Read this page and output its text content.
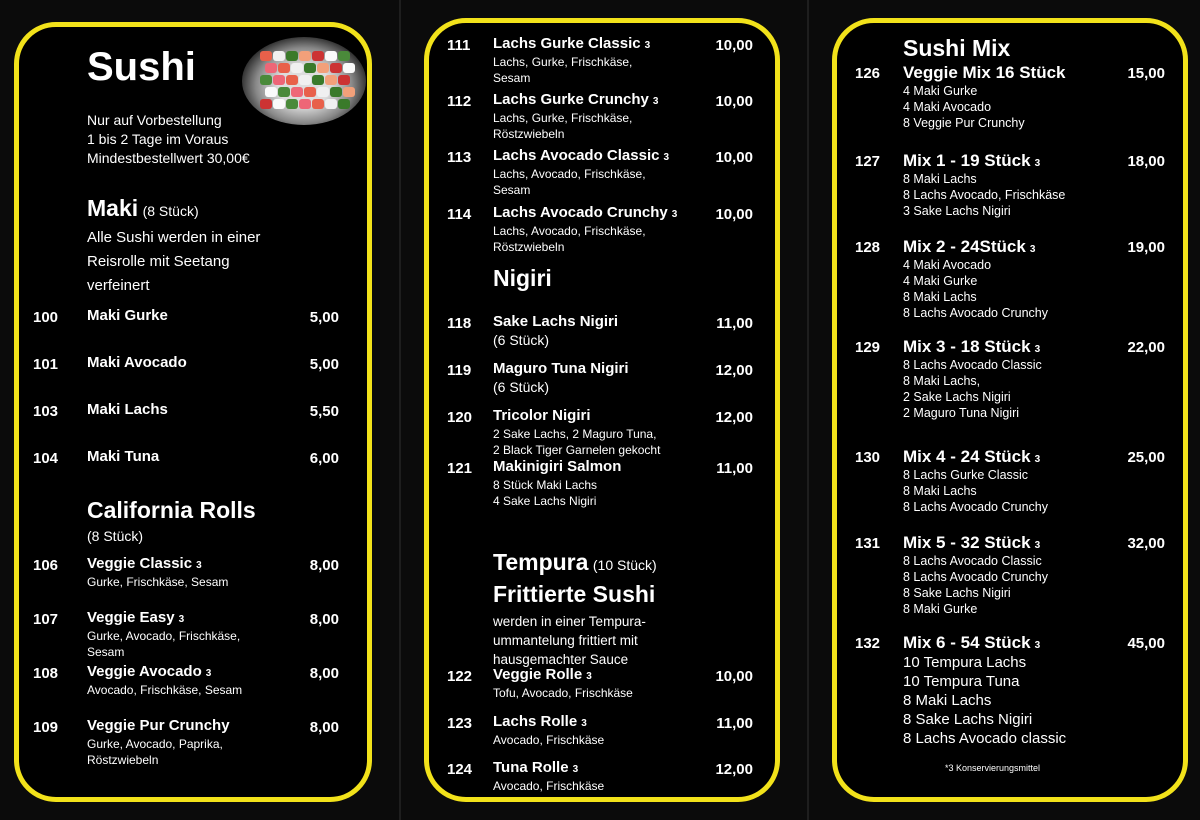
Sushi
Nur auf Vorbestellung
1 bis 2 Tage im Voraus
Mindestbestellwert 30,00€
Maki (8 Stück)
Alle Sushi werden in einer
Reisrolle mit Seetang
verfeinert
California Rolls
(8 Stück)
100 Maki Gurke	5,00
101 Maki Avocado	5,00
103 Maki Lachs	5,50
104 Maki Tuna	6,00
106 Veggie Classic 3	8,00
Gurke, Frischkäse, Sesam
107 Veggie Easy 3	8,00
Gurke, Avocado, Frischkäse,
Sesam
108 Veggie Avocado 3	8,00
Avocado, Frischkäse, Sesam
109 Veggie Pur Crunchy	8,00
Gurke, Avocado, Paprika,
Röstzwiebeln
Nigiri
Tempura (10 Stück)
Frittierte Sushi
werden in einer Tempura-
ummantelung frittiert mit
hausgemachter Sauce
111 Lachs Gurke Classic 3	10,00
Lachs, Gurke, Frischkäse,
Sesam
112 Lachs Gurke Crunchy 3	10,00
Lachs, Gurke, Frischkäse,
Röstzwiebeln
113 Lachs Avocado Classic 3	10,00
Lachs, Avocado, Frischkäse,
Sesam
114 Lachs Avocado Crunchy 3	10,00
Lachs, Avocado, Frischkäse,
Röstzwiebeln
118 Sake Lachs Nigiri	11,00
(6 Stück)
119 Maguro Tuna Nigiri	12,00
(6 Stück)
120 Tricolor Nigiri	12,00
2 Sake Lachs, 2 Maguro Tuna,
2 Black Tiger Garnelen gekocht
121 Makinigiri Salmon	11,00
8 Stück Maki Lachs
4 Sake Lachs Nigiri
122 Veggie Rolle 3	10,00
Tofu, Avocado, Frischkäse
123 Lachs Rolle 3	11,00
Avocado, Frischkäse
124 Tuna Rolle 3	12,00
Avocado, Frischkäse
Sushi Mix
*3 Konservierungsmittel
126 Veggie Mix 16 Stück	15,00
4 Maki Gurke
4 Maki Avocado
8 Veggie Pur Crunchy
127 Mix 1 - 19 Stück 3	18,00
8 Maki Lachs
8 Lachs Avocado, Frischkäse
3 Sake Lachs Nigiri
128 Mix 2 - 24Stück 3	19,00
4 Maki Avocado
4 Maki Gurke
8 Maki Lachs
8 Lachs Avocado Crunchy
129 Mix 3 - 18 Stück 3	22,00
8 Lachs Avocado Classic
8 Maki Lachs,
2 Sake Lachs Nigiri
2 Maguro Tuna Nigiri
130 Mix 4 - 24 Stück 3	25,00
8 Lachs Gurke Classic
8 Maki Lachs
8 Lachs Avocado Crunchy
131 Mix 5 - 32 Stück 3	32,00
8 Lachs Avocado Classic
8 Lachs Avocado Crunchy
8 Sake Lachs Nigiri
8 Maki Gurke
132 Mix 6 - 54 Stück 3	45,00
10 Tempura Lachs
10 Tempura Tuna
8 Maki Lachs
8 Sake Lachs Nigiri
8 Lachs Avocado classic
